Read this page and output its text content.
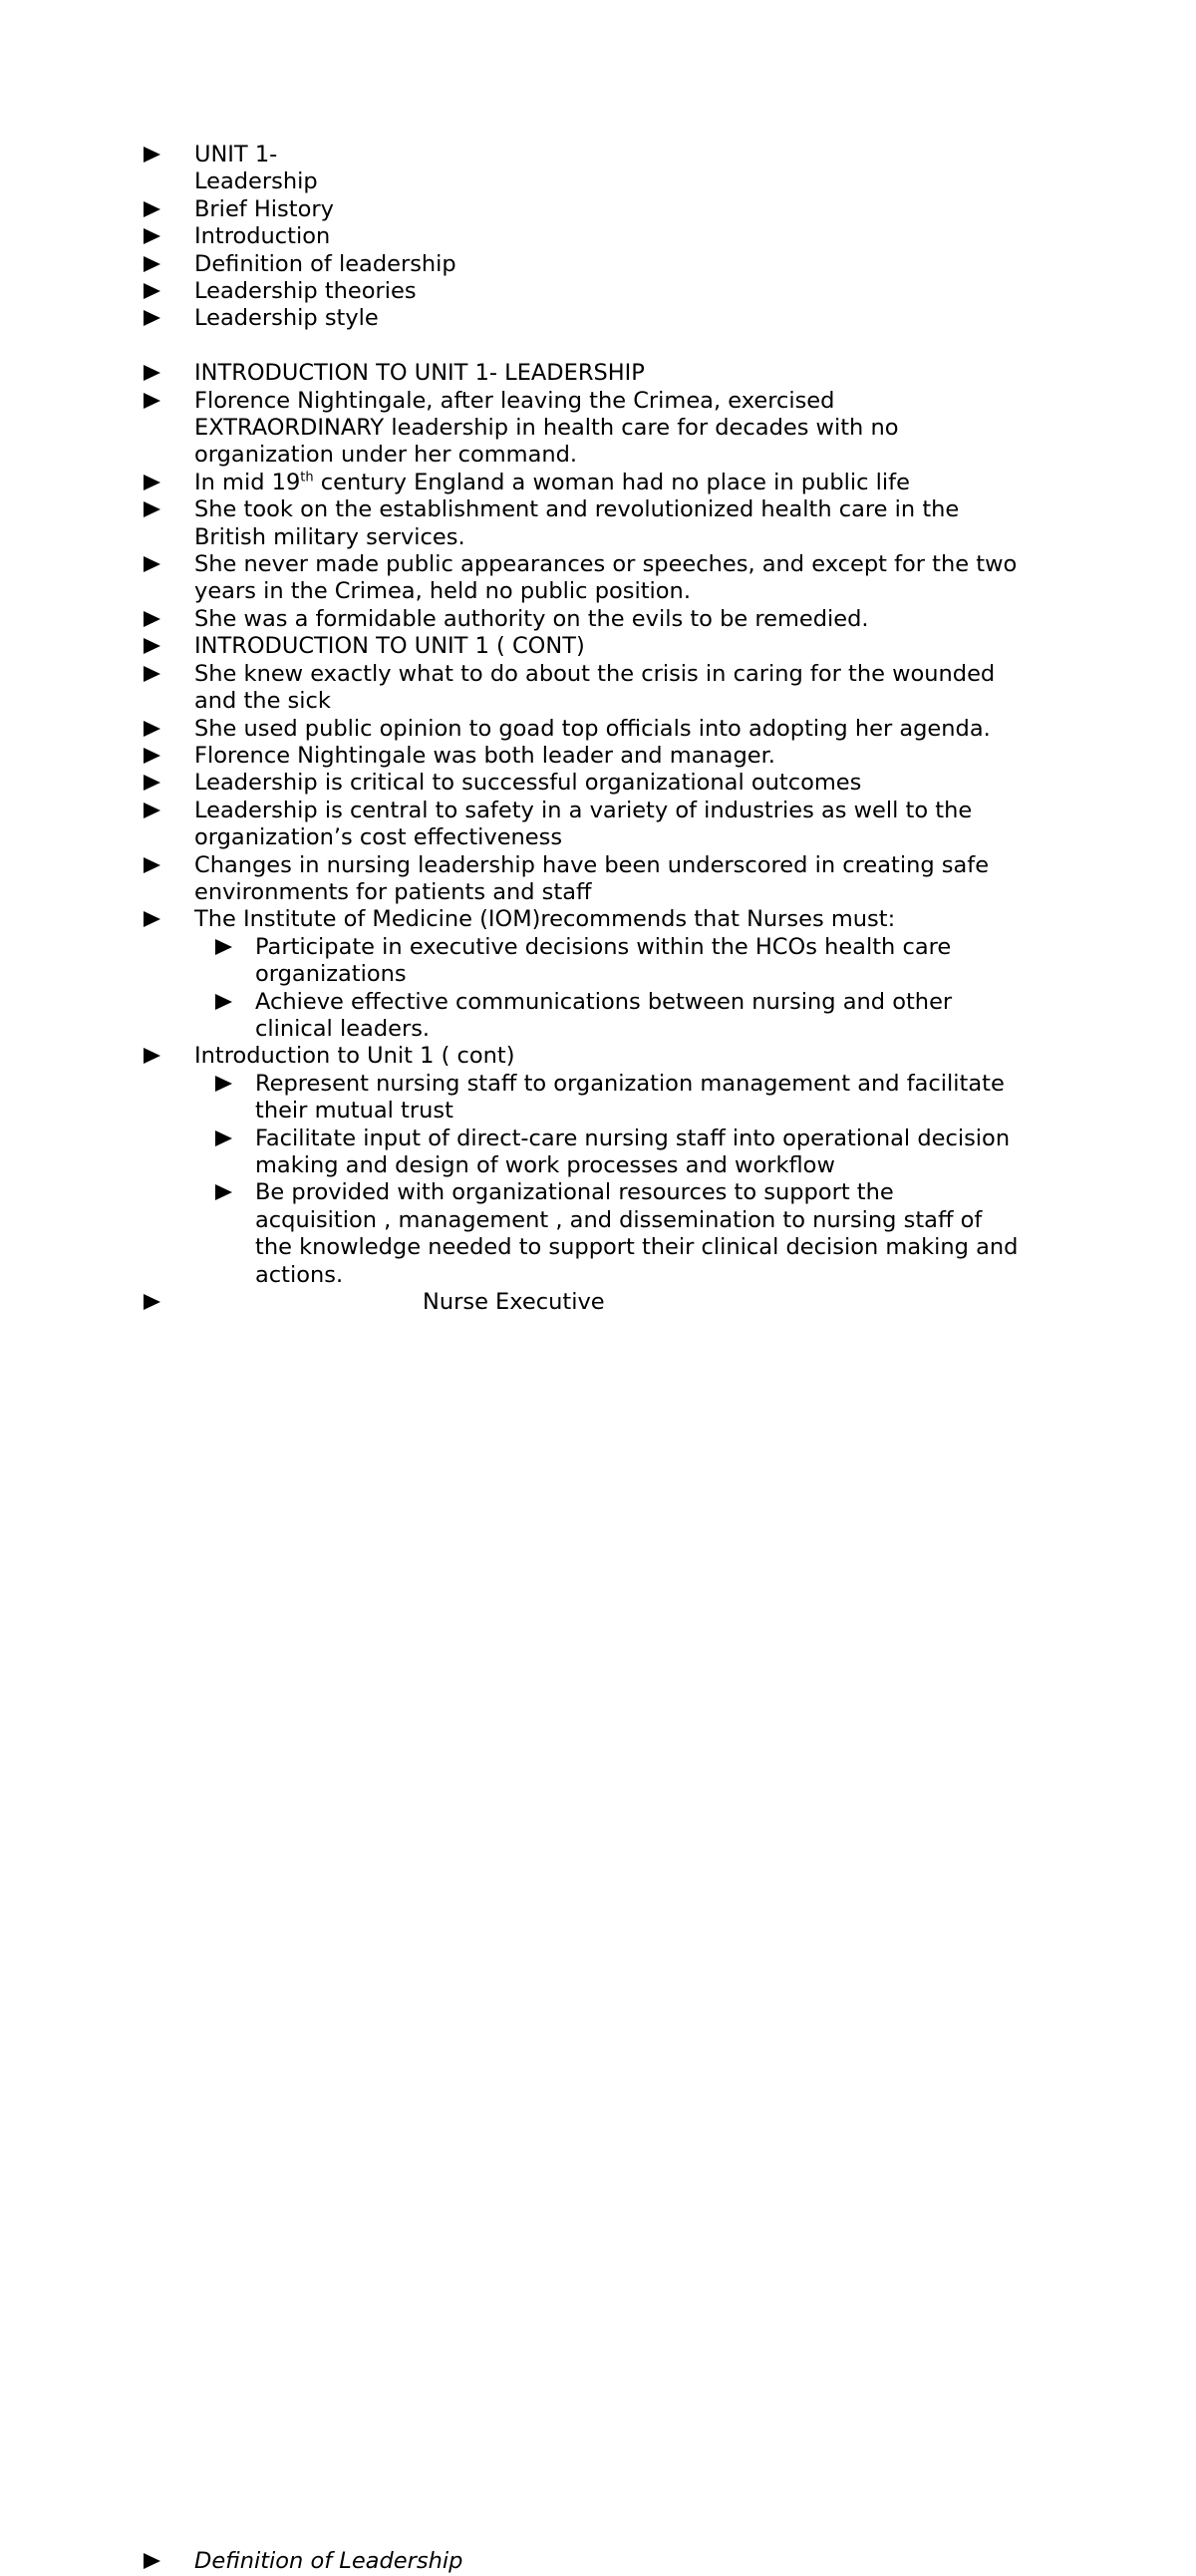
UNIT 1-
Leadership
Brief History
Introduction
Definition of leadership
Leadership theories
Leadership style
INTRODUCTION TO UNIT 1- LEADERSHIP
Florence Nightingale, after leaving the Crimea, exercised
EXTRAORDINARY leadership in health care for decades with no
organization under her command.
In mid 19th century England a woman had no place in public life
She took on the establishment and revolutionized health care in the
British military services.
She never made public appearances or speeches, and except for the two
years in the Crimea, held no public position.
She was a formidable authority on the evils to be remedied.
INTRODUCTION TO UNIT 1 ( CONT)
She knew exactly what to do about the crisis in caring for the wounded
and the sick
She used public opinion to goad top officials into adopting her agenda.
Florence Nightingale was both leader and manager.
Leadership is critical to successful organizational outcomes
Leadership is central to safety in a variety of industries as well to the
organization’s cost effectiveness
Changes in nursing leadership have been underscored in creating safe
environments for patients and staff
The Institute of Medicine (IOM)recommends that Nurses must:
Participate in executive decisions within the HCOs health care
organizations
Achieve effective communications between nursing and other
clinical leaders.
Introduction to Unit 1 ( cont)
Represent nursing staff to organization management and facilitate
their mutual trust
Facilitate input of direct-care nursing staff into operational decision
making and design of work processes and workflow
Be provided with organizational resources to support the
acquisition , management , and dissemination to nursing staff of
the knowledge needed to support their clinical decision making and
actions.
Nurse Executive
Definition of Leadership
